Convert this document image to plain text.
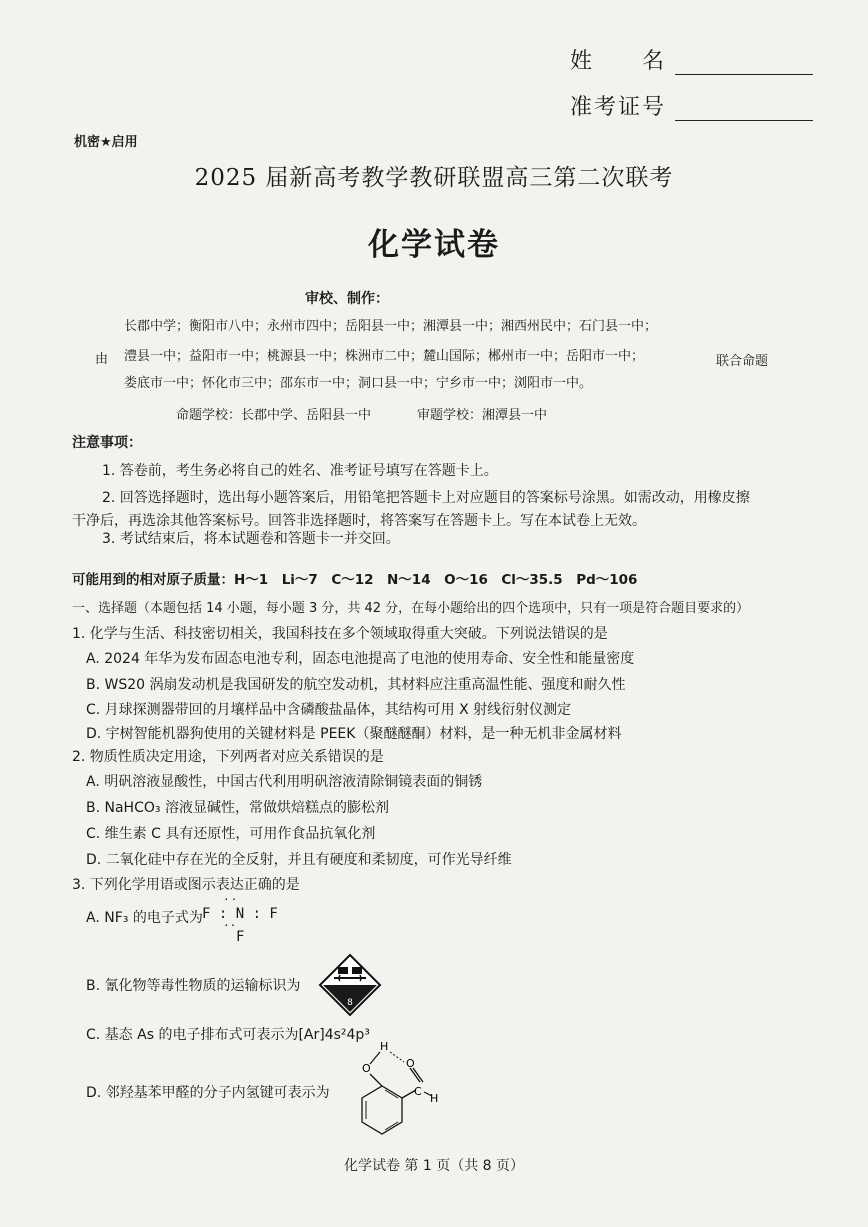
姓　　名
准考证号

机密★启用
2025 届新高考教学教研联盟高三第二次联考
化学试卷
审校、制作：
长郡中学；衡阳市八中；永州市四中；岳阳县一中；湘潭县一中；湘西州民中；石门县一中；
澧县一中；益阳市一中；桃源县一中；株洲市二中；麓山国际；郴州市一中；岳阳市一中；
娄底市一中；怀化市三中；邵东市一中；洞口县一中；宁乡市一中；浏阳市一中。
由	联合命题
命题学校：长郡中学、岳阳县一中	审题学校：湘潭县一中
注意事项：
1. 答卷前，考生务必将自己的姓名、准考证号填写在答题卡上。
2. 回答选择题时，选出每小题答案后，用铅笔把答题卡上对应题目的答案标号涂黑。如需改动，用橡皮擦
干净后，再选涂其他答案标号。回答非选择题时，将答案写在答题卡上。写在本试卷上无效。
3. 考试结束后，将本试题卷和答题卡一并交回。
可能用到的相对原子质量：H～1　Li～7　C～12　N～14　O～16　Cl～35.5　Pd～106
一、选择题（本题包括 14 小题，每小题 3 分，共 42 分，在每小题给出的四个选项中，只有一项是符合题目要求的）
1. 化学与生活、科技密切相关，我国科技在多个领域取得重大突破。下列说法错误的是
A. 2024 年华为发布固态电池专利，固态电池提高了电池的使用寿命、安全性和能量密度
B. WS20 涡扇发动机是我国研发的航空发动机，其材料应注重高温性能、强度和耐久性
C. 月球探测器带回的月壤样品中含磷酸盐晶体，其结构可用 X 射线衍射仪测定
D. 宇树智能机器狗使用的关键材料是 PEEK（聚醚醚酮）材料，是一种无机非金属材料
2. 物质性质决定用途，下列两者对应关系错误的是
A. 明矾溶液显酸性，中国古代利用明矾溶液清除铜镜表面的铜锈
B. NaHCO₃ 溶液显碱性，常做烘焙糕点的膨松剂
C. 维生素 C 具有还原性，可用作食品抗氧化剂
D. 二氧化硅中存在光的全反射，并且有硬度和柔韧度，可作光导纤维
3. 下列化学用语或图示表达正确的是
A. NF₃ 的电子式为
··
F : N : F
··
F
B. 氰化物等毒性物质的运输标识为
8
C. 基态 As 的电子排布式可表示为[Ar]4s²4p³
D. 邻羟基苯甲醛的分子内氢键可表示为
O
H
O
C
H
化学试卷 第 1 页（共 8 页）
